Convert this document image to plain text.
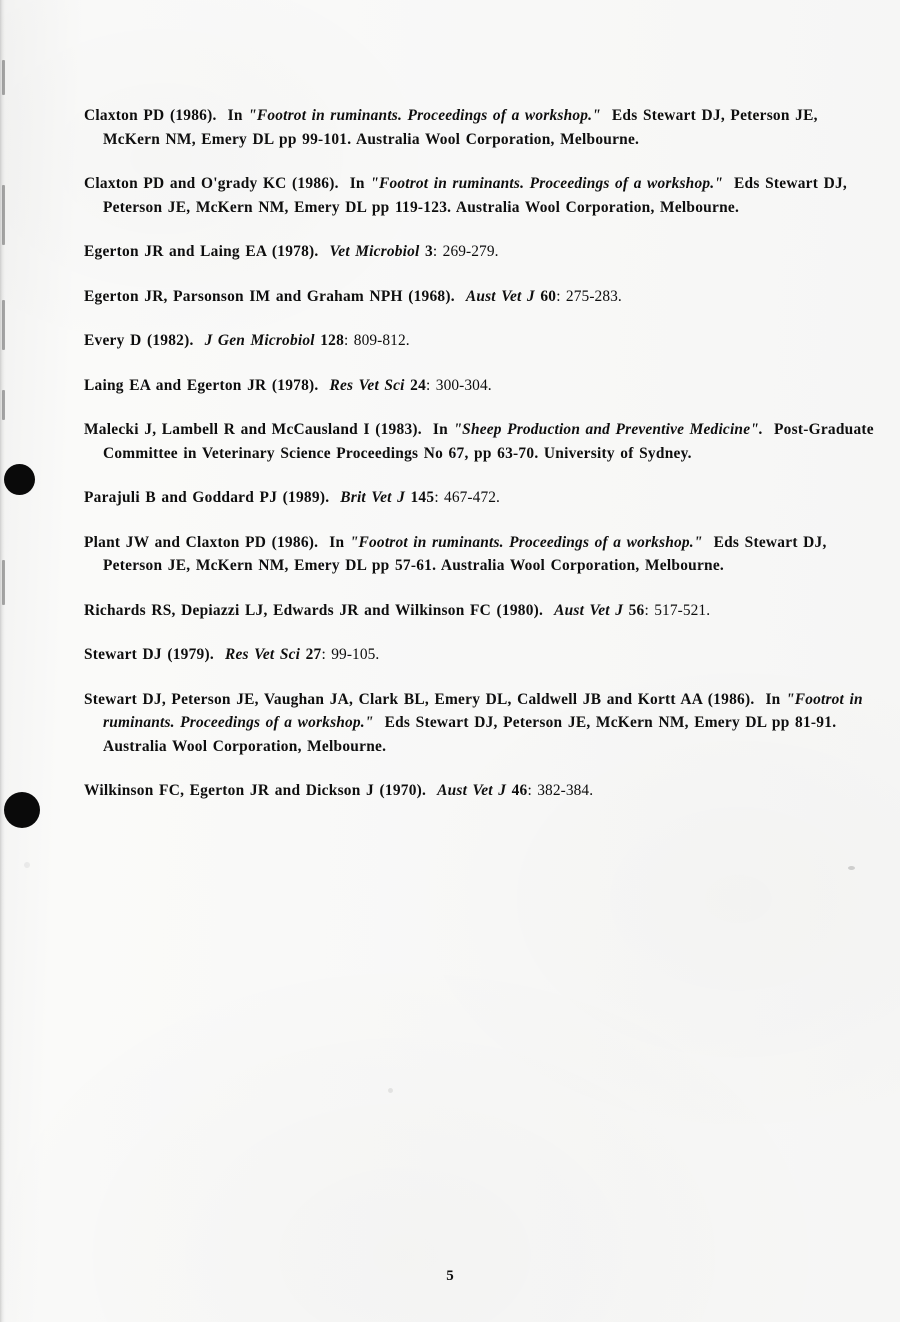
Claxton PD (1986). In "Footrot in ruminants. Proceedings of a workshop." Eds Stewart DJ, Peterson JE, McKern NM, Emery DL pp 99-101. Australia Wool Corporation, Melbourne.

Claxton PD and O'grady KC (1986). In "Footrot in ruminants. Proceedings of a workshop." Eds Stewart DJ, Peterson JE, McKern NM, Emery DL pp 119-123. Australia Wool Corporation, Melbourne.

Egerton JR and Laing EA (1978). Vet Microbiol 3: 269-279.

Egerton JR, Parsonson IM and Graham NPH (1968). Aust Vet J 60: 275-283.

Every D (1982). J Gen Microbiol 128: 809-812.

Laing EA and Egerton JR (1978). Res Vet Sci 24: 300-304.

Malecki J, Lambell R and McCausland I (1983). In "Sheep Production and Preventive Medicine". Post-Graduate Committee in Veterinary Science Proceedings No 67, pp 63-70. University of Sydney.

Parajuli B and Goddard PJ (1989). Brit Vet J 145: 467-472.

Plant JW and Claxton PD (1986). In "Footrot in ruminants. Proceedings of a workshop." Eds Stewart DJ, Peterson JE, McKern NM, Emery DL pp 57-61. Australia Wool Corporation, Melbourne.

Richards RS, Depiazzi LJ, Edwards JR and Wilkinson FC (1980). Aust Vet J 56: 517-521.

Stewart DJ (1979). Res Vet Sci 27: 99-105.

Stewart DJ, Peterson JE, Vaughan JA, Clark BL, Emery DL, Caldwell JB and Kortt AA (1986). In "Footrot in ruminants. Proceedings of a workshop." Eds Stewart DJ, Peterson JE, McKern NM, Emery DL pp 81-91. Australia Wool Corporation, Melbourne.

Wilkinson FC, Egerton JR and Dickson J (1970). Aust Vet J 46: 382-384.

5
